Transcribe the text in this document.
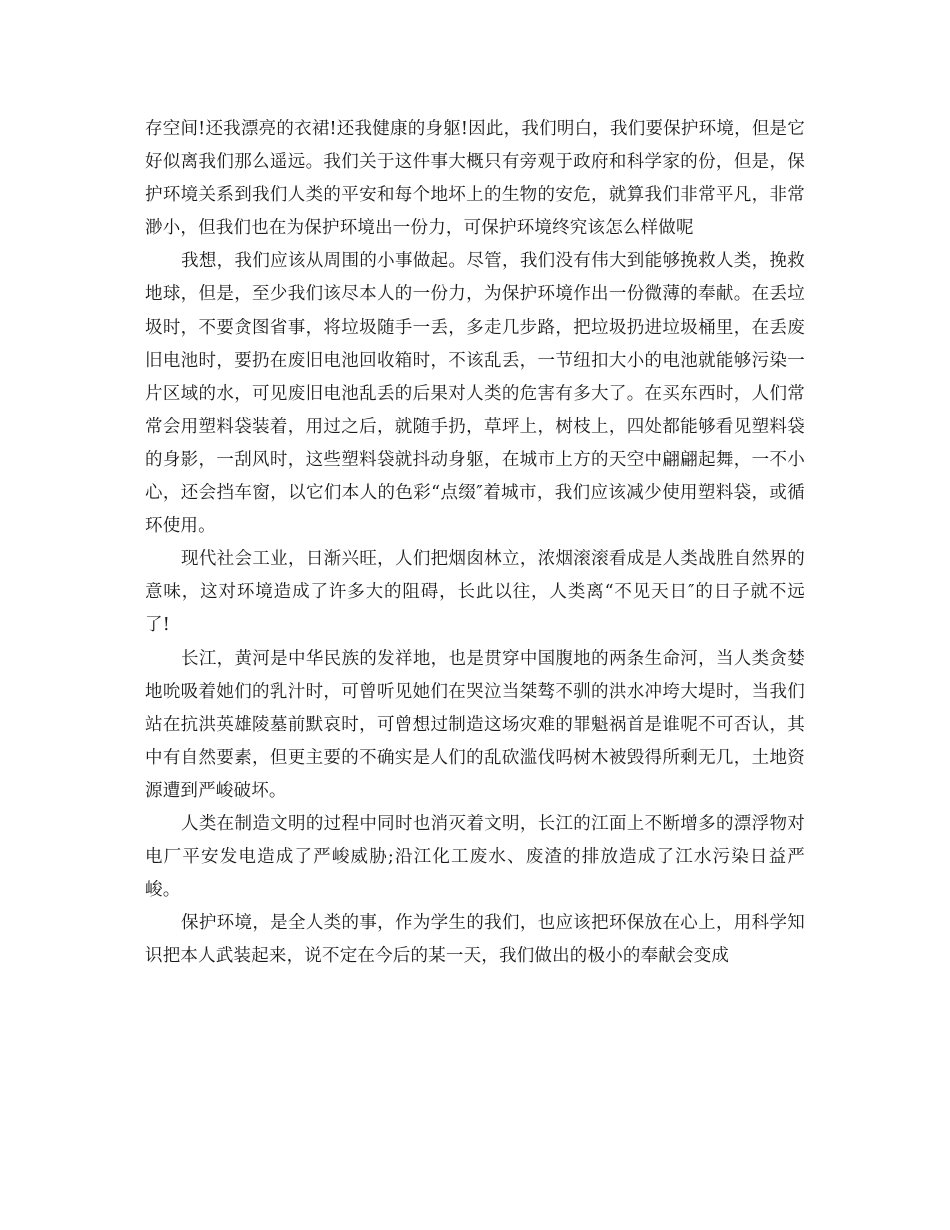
存空间!还我漂亮的衣裙!还我健康的身躯!因此，我们明白，我们要保护环境，但是它好似离我们那么遥远。我们关于这件事大概只有旁观于政府和科学家的份，但是，保护环境关系到我们人类的平安和每个地坏上的生物的安危，就算我们非常平凡，非常渺小，但我们也在为保护环境出一份力，可保护环境终究该怎么样做呢

我想，我们应该从周围的小事做起。尽管，我们没有伟大到能够挽救人类，挽救地球，但是，至少我们该尽本人的一份力，为保护环境作出一份微薄的奉献。在丢垃圾时，不要贪图省事，将垃圾随手一丢，多走几步路，把垃圾扔进垃圾桶里，在丢废旧电池时，要扔在废旧电池回收箱时，不该乱丢，一节纽扣大小的电池就能够污染一片区域的水，可见废旧电池乱丢的后果对人类的危害有多大了。在买东西时，人们常常会用塑料袋装着，用过之后，就随手扔，草坪上，树枝上，四处都能够看见塑料袋的身影，一刮风时，这些塑料袋就抖动身躯，在城市上方的天空中翩翩起舞，一不小心，还会挡车窗，以它们本人的色彩“点缀″着城市，我们应该减少使用塑料袋，或循环使用。

现代社会工业，日渐兴旺，人们把烟囱林立，浓烟滚滚看成是人类战胜自然界的意味，这对环境造成了许多大的阻碍，长此以往，人类离“不见天日″的日子就不远了!

长江，黄河是中华民族的发祥地，也是贯穿中国腹地的两条生命河，当人类贪婪地吮吸着她们的乳汁时，可曾听见她们在哭泣当桀骜不驯的洪水冲垮大堤时，当我们站在抗洪英雄陵墓前默哀时，可曾想过制造这场灾难的罪魁祸首是谁呢不可否认，其中有自然要素，但更主要的不确实是人们的乱砍滥伐吗树木被毁得所剩无几，土地资源遭到严峻破坏。

人类在制造文明的过程中同时也消灭着文明，长江的江面上不断增多的漂浮物对电厂平安发电造成了严峻威胁;沿江化工废水、废渣的排放造成了江水污染日益严峻。

保护环境，是全人类的事，作为学生的我们，也应该把环保放在心上，用科学知识把本人武装起来，说不定在今后的某一天，我们做出的极小的奉献会变成
